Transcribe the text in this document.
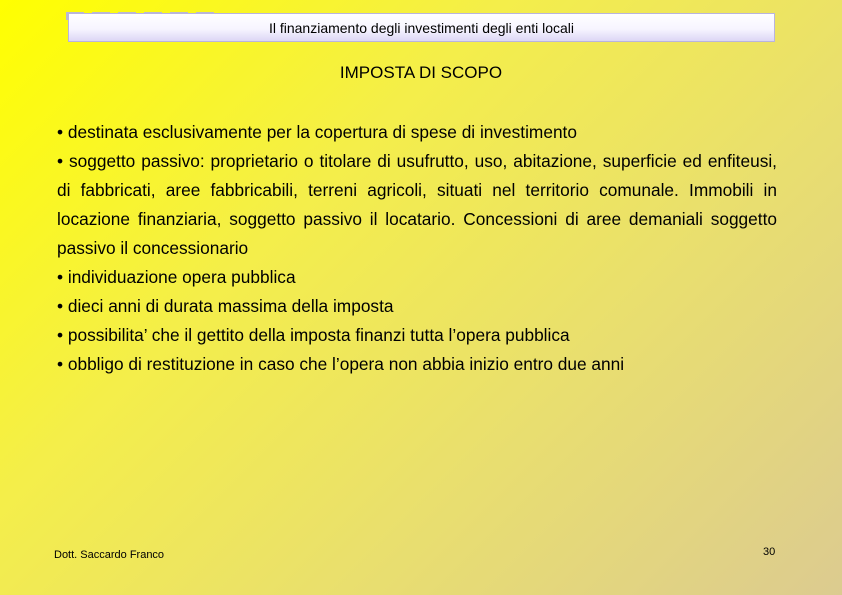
Il finanziamento degli investimenti degli enti locali
IMPOSTA DI SCOPO

• destinata esclusivamente per la copertura di spese di investimento

• soggetto passivo: proprietario o titolare di usufrutto, uso, abitazione, superficie ed enfiteusi, di fabbricati, aree fabbricabili, terreni agricoli, situati nel territorio comunale. Immobili in locazione finanziaria, soggetto passivo il locatario. Concessioni di aree demaniali soggetto passivo il concessionario

• individuazione opera pubblica

• dieci anni di durata massima della imposta

• possibilita’ che il gettito della imposta finanzi tutta l’opera pubblica

• obbligo di restituzione in caso che l’opera non abbia inizio entro due anni

Dott. Saccardo Franco	30
